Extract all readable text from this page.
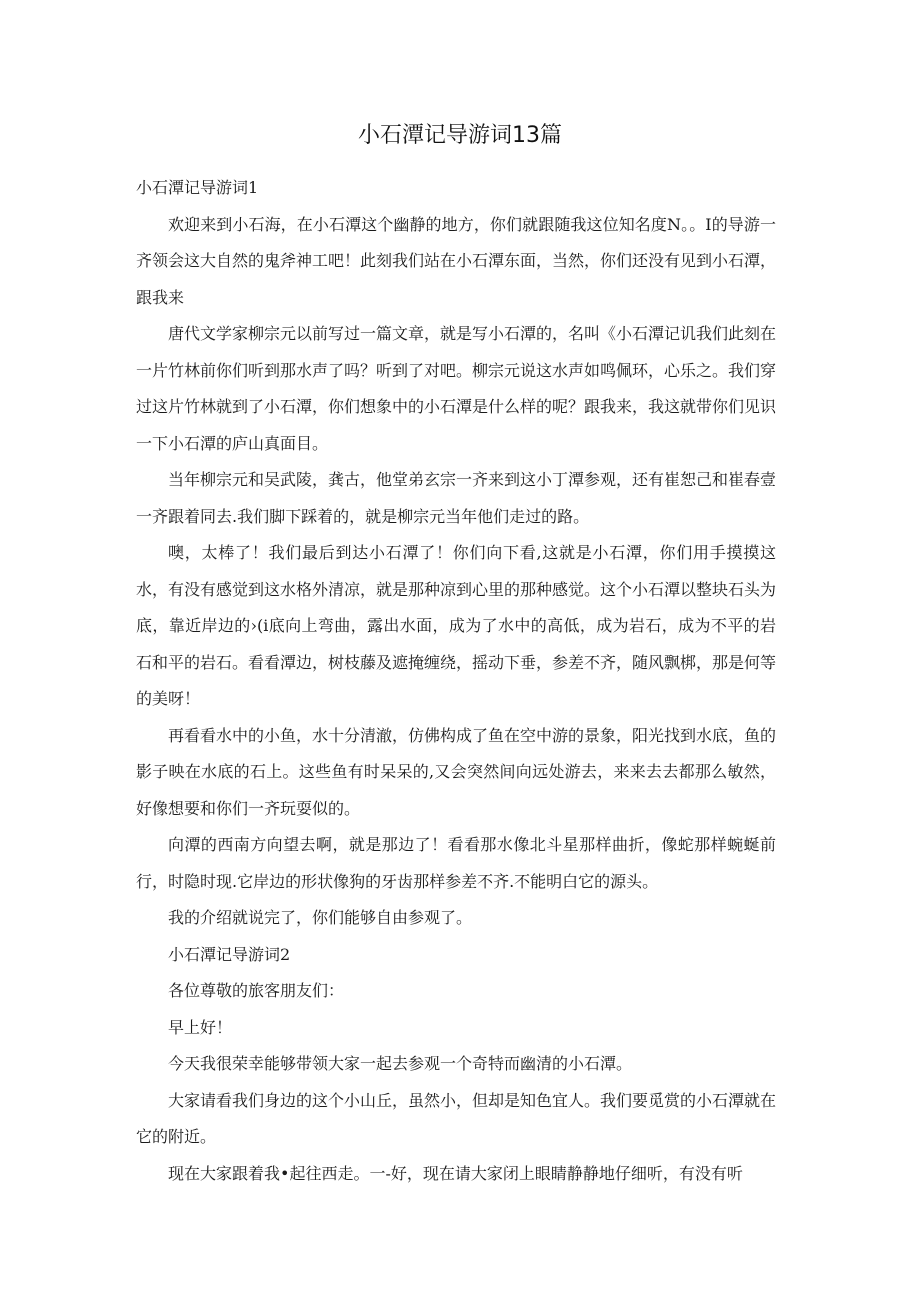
小石潭记导游词13篇

小石潭记导游词1

欢迎来到小石海，在小石潭这个幽静的地方，你们就跟随我这位知名度N。。I的导游一齐领会这大自然的鬼斧神工吧！此刻我们站在小石潭东面，当然，你们还没有见到小石潭，跟我来

唐代文学家柳宗元以前写过一篇文章，就是写小石潭的，名叫《小石潭记讥我们此刻在一片竹林前你们听到那水声了吗？听到了对吧。柳宗元说这水声如鸣佩环，心乐之。我们穿过这片竹林就到了小石潭，你们想象中的小石潭是什么样的呢？跟我来，我这就带你们见识一下小石潭的庐山真面目。

当年柳宗元和吴武陵，龚古，他堂弟玄宗一齐来到这小丁潭参观，还有崔恕己和崔春壹一齐跟着同去.我们脚下踩着的，就是柳宗元当年他们走过的路。

噢，太棒了！我们最后到达小石潭了！你们向下看,这就是小石潭，你们用手摸摸这水，有没有感觉到这水格外清凉，就是那种凉到心里的那种感觉。这个小石潭以整块石头为底，靠近岸边的›(i底向上弯曲，露出水面，成为了水中的高低，成为岩石，成为不平的岩石和平的岩石。看看潭边，树枝藤及遮掩缠绕，摇动下垂，参差不齐，随风飘梆，那是何等的美呀！

再看看水中的小鱼，水十分清澈，仿佛构成了鱼在空中游的景象，阳光找到水底，鱼的影子映在水底的石上。这些鱼有时呆呆的,又会突然间向远处游去，来来去去都那么敏然，好像想要和你们一齐玩耍似的。

向潭的西南方向望去啊，就是那边了！看看那水像北斗星那样曲折，像蛇那样蜿蜒前行，时隐时现.它岸边的形状像狗的牙齿那样参差不齐.不能明白它的源头。

我的介绍就说完了，你们能够自由参观了。

小石潭记导游词2

各位尊敬的旅客朋友们：

早上好！

今天我很荣幸能够带领大家一起去参观一个奇特而幽清的小石潭。

大家请看我们身边的这个小山丘，虽然小，但却是知色宜人。我们要觅赏的小石潭就在它的附近。

现在大家跟着我•起往西走。一-好，现在请大家闭上眼睛静静地仔细听，有没有听
